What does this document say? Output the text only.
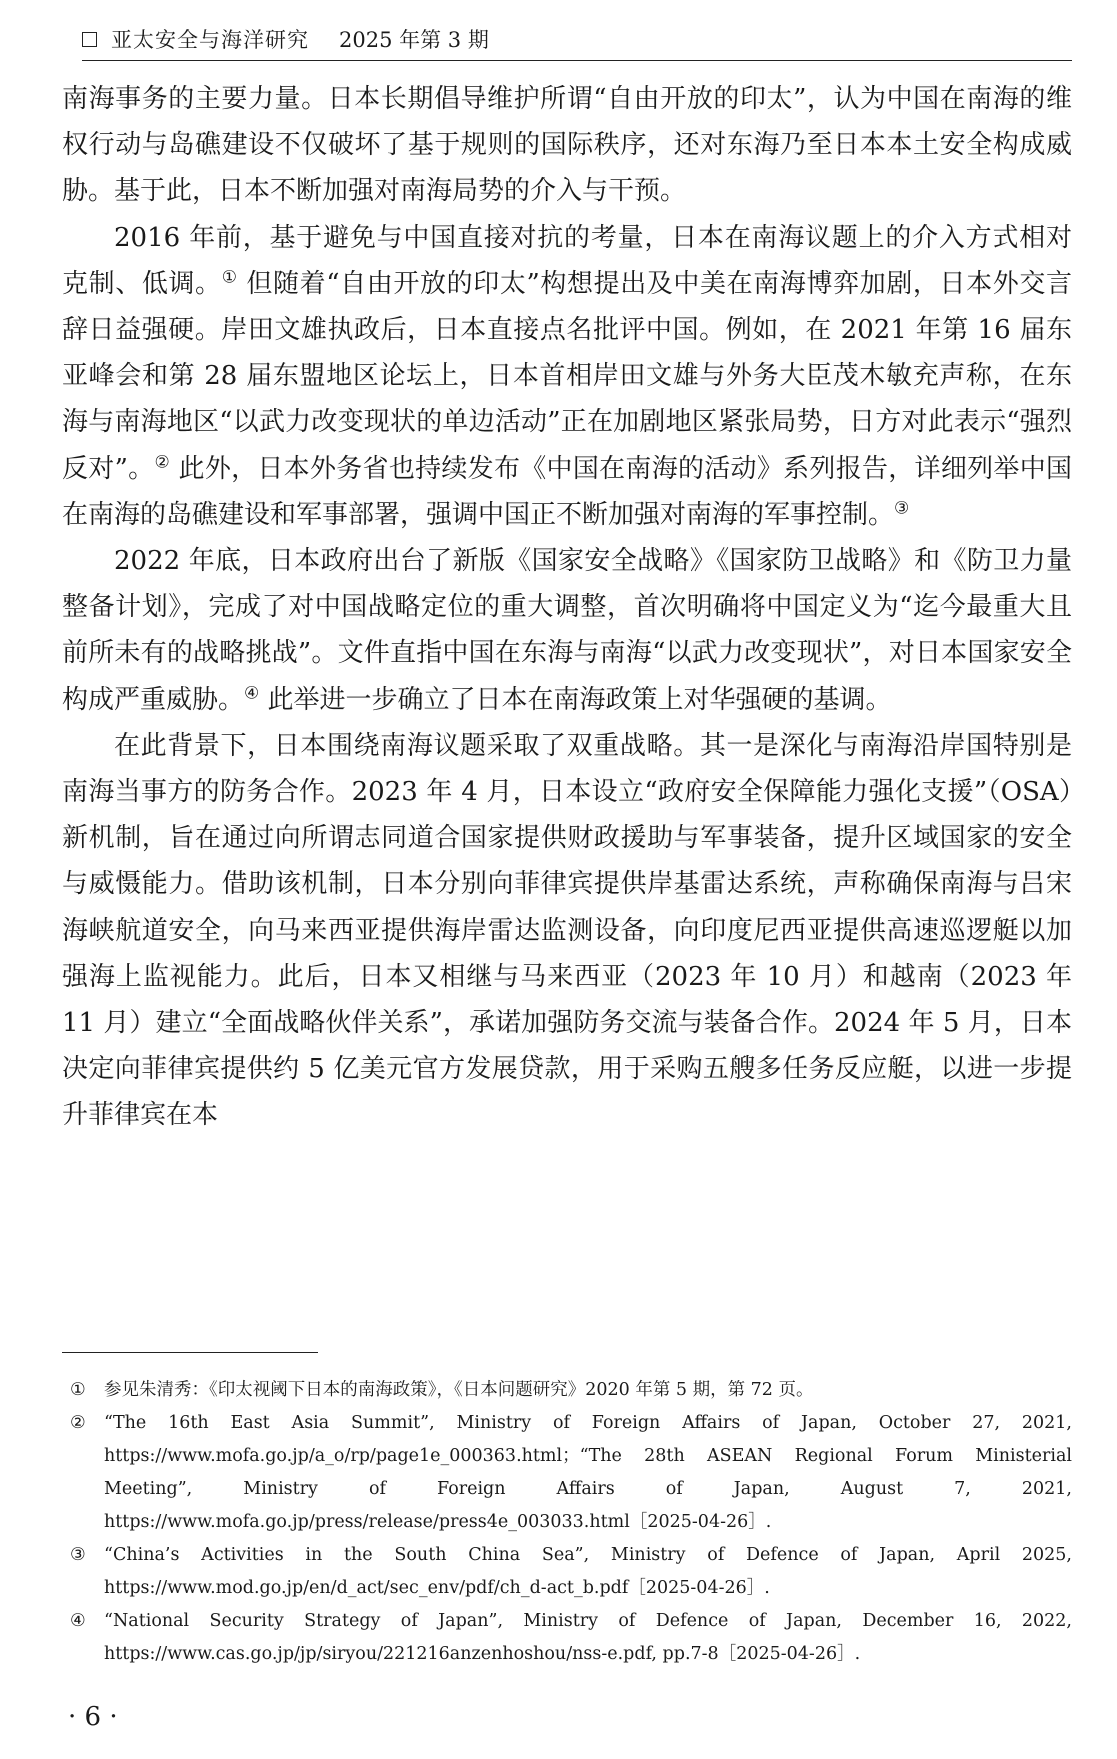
亚太安全与海洋研究 2025 年第 3 期

南海事务的主要力量。日本长期倡导维护所谓“自由开放的印太”，认为中国在南海的维权行动与岛礁建设不仅破坏了基于规则的国际秩序，还对东海乃至日本本土安全构成威胁。基于此，日本不断加强对南海局势的介入与干预。

2016 年前，基于避免与中国直接对抗的考量，日本在南海议题上的介入方式相对克制、低调。① 但随着“自由开放的印太”构想提出及中美在南海博弈加剧，日本外交言辞日益强硬。岸田文雄执政后，日本直接点名批评中国。例如，在 2021 年第 16 届东亚峰会和第 28 届东盟地区论坛上，日本首相岸田文雄与外务大臣茂木敏充声称，在东海与南海地区“以武力改变现状的单边活动”正在加剧地区紧张局势，日方对此表示“强烈反对”。② 此外，日本外务省也持续发布《中国在南海的活动》系列报告，详细列举中国在南海的岛礁建设和军事部署，强调中国正不断加强对南海的军事控制。③

2022 年底，日本政府出台了新版《国家安全战略》《国家防卫战略》和《防卫力量整备计划》，完成了对中国战略定位的重大调整，首次明确将中国定义为“迄今最重大且前所未有的战略挑战”。文件直指中国在东海与南海“以武力改变现状”，对日本国家安全构成严重威胁。④ 此举进一步确立了日本在南海政策上对华强硬的基调。

在此背景下，日本围绕南海议题采取了双重战略。其一是深化与南海沿岸国特别是南海当事方的防务合作。2023 年 4 月，日本设立“政府安全保障能力强化支援”（OSA）新机制，旨在通过向所谓志同道合国家提供财政援助与军事装备，提升区域国家的安全与威慑能力。借助该机制，日本分别向菲律宾提供岸基雷达系统，声称确保南海与吕宋海峡航道安全，向马来西亚提供海岸雷达监测设备，向印度尼西亚提供高速巡逻艇以加强海上监视能力。此后，日本又相继与马来西亚（2023 年 10 月）和越南（2023 年 11 月）建立“全面战略伙伴关系”，承诺加强防务交流与装备合作。2024 年 5 月，日本决定向菲律宾提供约 5 亿美元官方发展贷款，用于采购五艘多任务反应艇，以进一步提升菲律宾在本

①	参见朱清秀：《印太视阈下日本的南海政策》，《日本问题研究》2020 年第 5 期，第 72 页。
②	“The 16th East Asia Summit”, Ministry of Foreign Affairs of Japan, October 27, 2021, https://www.mofa.go.jp/a_o/rp/page1e_000363.html；“The 28th ASEAN Regional Forum Ministerial Meeting”, Ministry of Foreign Affairs of Japan, August 7, 2021, https://www.mofa.go.jp/press/release/press4e_003033.html［2025-04-26］.
③	“China’s Activities in the South China Sea”, Ministry of Defence of Japan, April 2025, https://www.mod.go.jp/en/d_act/sec_env/pdf/ch_d-act_b.pdf［2025-04-26］.
④	“National Security Strategy of Japan”, Ministry of Defence of Japan, December 16, 2022, https://www.cas.go.jp/jp/siryou/221216anzenhoshou/nss-e.pdf, pp.7-8［2025-04-26］.
· 6 ·
